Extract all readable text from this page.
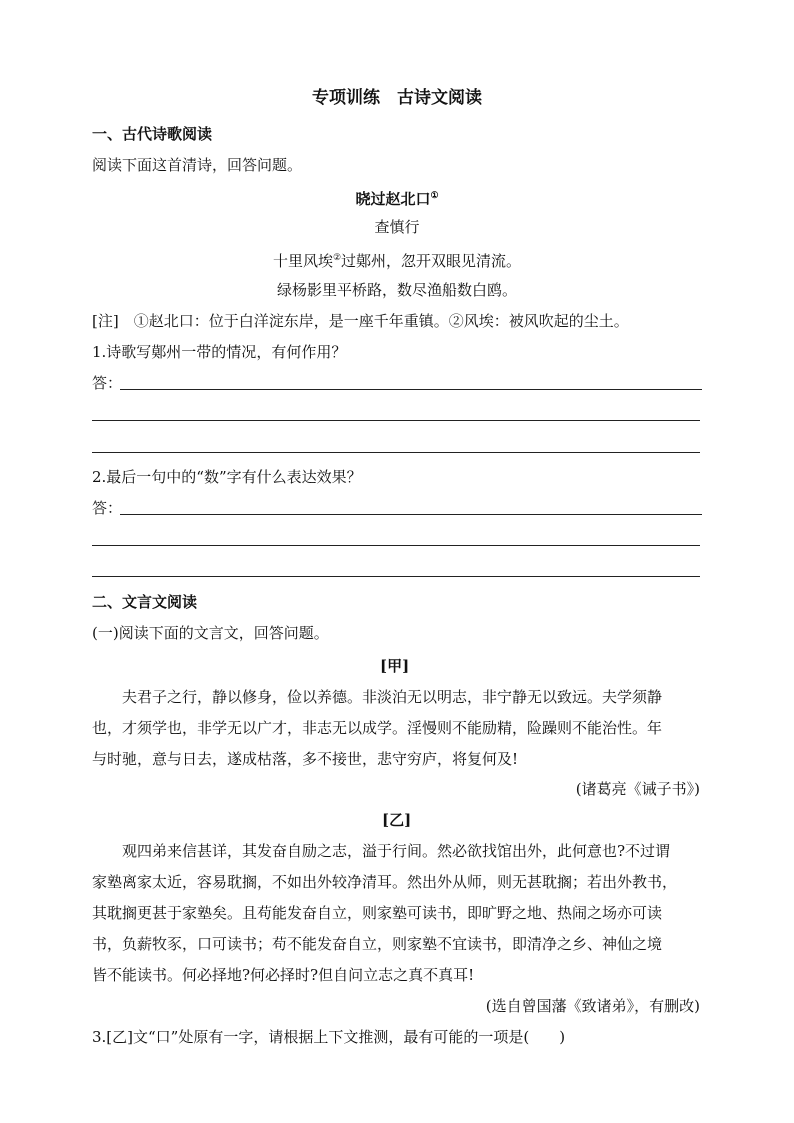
专项训练　古诗文阅读
一、古代诗歌阅读
阅读下面这首清诗，回答问题。
晓过赵北口①
查慎行
十里风埃②过鄚州，忽开双眼见清流。
绿杨影里平桥路，数尽渔船数白鸥。
[注]　①赵北口：位于白洋淀东岸，是一座千年重镇。②风埃：被风吹起的尘土。
1.诗歌写鄚州一带的情况，有何作用？
答：
2.最后一句中的“数”字有什么表达效果？
答：
二、文言文阅读
(一)阅读下面的文言文，回答问题。
[甲]
夫君子之行，静以修身，俭以养德。非淡泊无以明志，非宁静无以致远。夫学须静
也，才须学也，非学无以广才，非志无以成学。淫慢则不能励精，险躁则不能治性。年
与时驰，意与日去，遂成枯落，多不接世，悲守穷庐，将复何及!
(诸葛亮《诫子书》)
[乙]
观四弟来信甚详，其发奋自励之志，溢于行间。然必欲找馆出外，此何意也?不过谓
家塾离家太近，容易耽搁，不如出外较净清耳。然出外从师，则无甚耽搁；若出外教书，
其耽搁更甚于家塾矣。且苟能发奋自立，则家塾可读书，即旷野之地、热闹之场亦可读
书，负薪牧豕，口可读书；苟不能发奋自立，则家塾不宜读书，即清净之乡、神仙之境
皆不能读书。何必择地?何必择时?但自问立志之真不真耳!
(选自曾国藩《致诸弟》，有删改)
3.[乙]文“口”处原有一字，请根据上下文推测，最有可能的一项是(　　)
